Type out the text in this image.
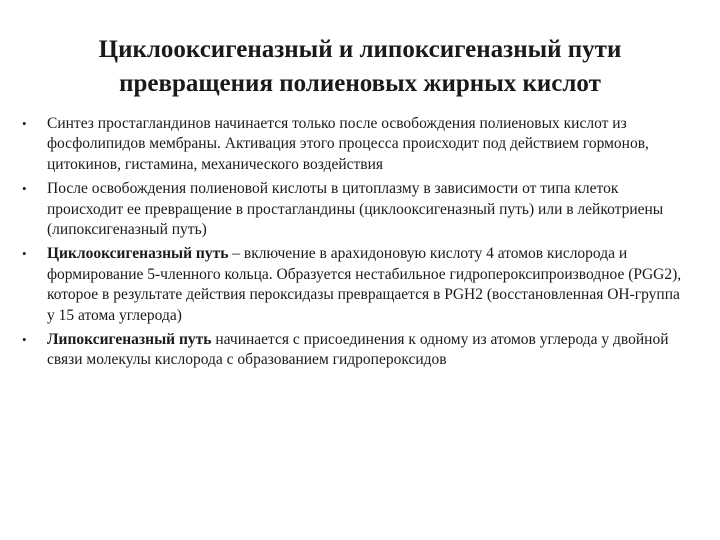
Циклооксигеназный и липоксигеназный пути
превращения полиеновых жирных кислот
•	Синтез простагландинов начинается только после освобождения полиеновых кислот из фосфолипидов мембраны. Активация этого процесса происходит под действием гормонов, цитокинов, гистамина, механического воздействия
•	После освобождения полиеновой кислоты в цитоплазму в зависимости от типа клеток происходит ее превращение в простагландины (циклооксигеназный путь) или в лейкотриены (липоксигеназный путь)
•	Циклооксигеназный путь – включение в арахидоновую кислоту 4 атомов кислорода и формирование 5-членного кольца. Образуется нестабильное гидропероксипроизводное (PGG2), которое в результате действия пероксидазы превращается в PGH2 (восстановленная ОН-группа у 15 атома углерода)
•	Липоксигеназный путь начинается с присоединения к одному из атомов углерода у двойной связи молекулы кислорода с образованием гидропероксидов
